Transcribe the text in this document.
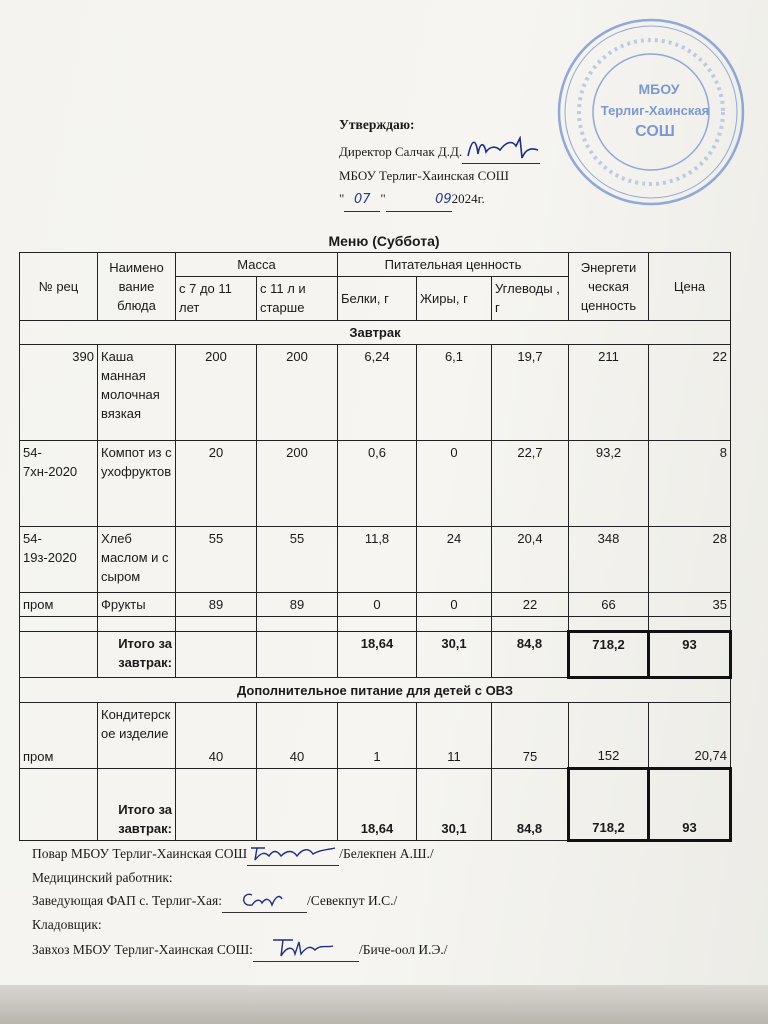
МБОУ
Терлиг-Хаинская
СОШ
Утверждаю:
Директор Салчак Д.Д.
МБОУ Терлиг-Хаинская СОШ
" 07 "	092024г.
Меню (Суббота)
№ рец	Наимено вание блюда	Масса		Питательная ценность			Энергети ческая ценность	Цена
		с 7 до 11 лет	с 11 л и старше	Белки, г	Жиры, г	Углеводы , г		
Завтрак								
390	Каша манная молочная вязкая	200	200	6,24	6,1	19,7	211	22
54-7хн-2020	Компот из сухофруктов	20	200	0,6	0	22,7	93,2	8
54-19з-2020	Хлеб маслом и с сыром	55	55	11,8	24	20,4	348	28
пром	Фрукты	89	89	0	0	22	66	35

	Итого за завтрак:			18,64	30,1	84,8	718,2	93
Дополнительное питание для детей с ОВЗ								
пром	Кондитерское изделие	40	40	1	11	75	152	20,74
	Итого за завтрак:			18,64	30,1	84,8	718,2	93
Повар МБОУ Терлиг-Хаинская СОШ	/Белекпен А.Ш./
Медицинский работник:
Заведующая ФАП с. Терлиг-Хая:	/Севекпут И.С./
Кладовщик:
Завхоз МБОУ Терлиг-Хаинская СОШ:	/Биче-оол И.Э./
